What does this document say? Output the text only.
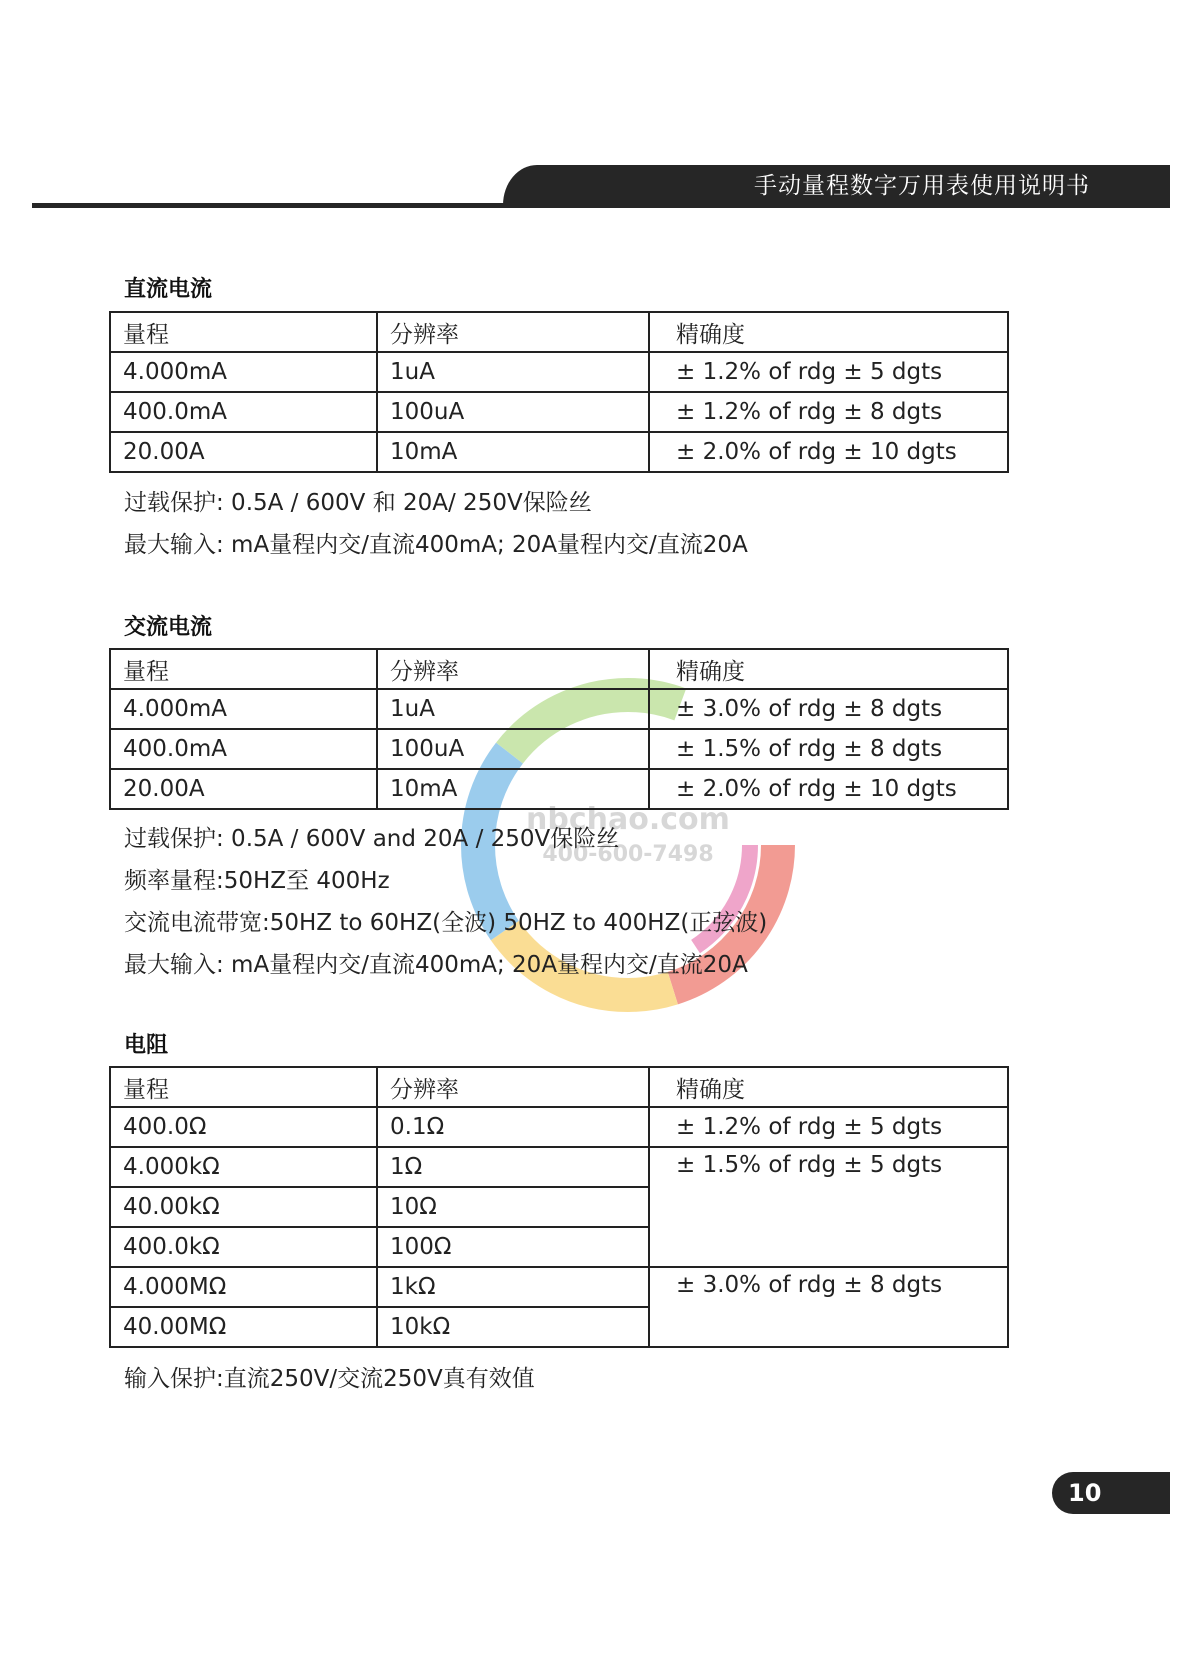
手动量程数字万用表使用说明书
nbchao.com
400-600-7498
直流电流
量程	分辨率	精确度
4.000mA	1uA	± 1.2% of rdg ± 5 dgts
400.0mA	100uA	± 1.2% of rdg ± 8 dgts
20.00A	10mA	± 2.0% of rdg ± 10 dgts
过载保护: 0.5A / 600V 和 20A/ 250V保险丝
最大输入: mA量程内交/直流400mA; 20A量程内交/直流20A
交流电流
量程	分辨率	精确度
4.000mA	1uA	± 3.0% of rdg ± 8 dgts
400.0mA	100uA	± 1.5% of rdg ± 8 dgts
20.00A	10mA	± 2.0% of rdg ± 10 dgts
过载保护: 0.5A / 600V and 20A / 250V保险丝
频率量程:50HZ至 400Hz
交流电流带宽:50HZ to 60HZ(全波) 50HZ to 400HZ(正弦波)
最大输入: mA量程内交/直流400mA; 20A量程内交/直流20A
电阻
量程	分辨率	精确度
400.0Ω	0.1Ω	± 1.2% of rdg ± 5 dgts
4.000kΩ	1Ω	± 1.5% of rdg ± 5 dgts
40.00kΩ	10Ω	
400.0kΩ	100Ω	
4.000MΩ	1kΩ	± 3.0% of rdg ± 8 dgts
40.00MΩ	10kΩ	
输入保护:直流250V/交流250V真有效值
10
